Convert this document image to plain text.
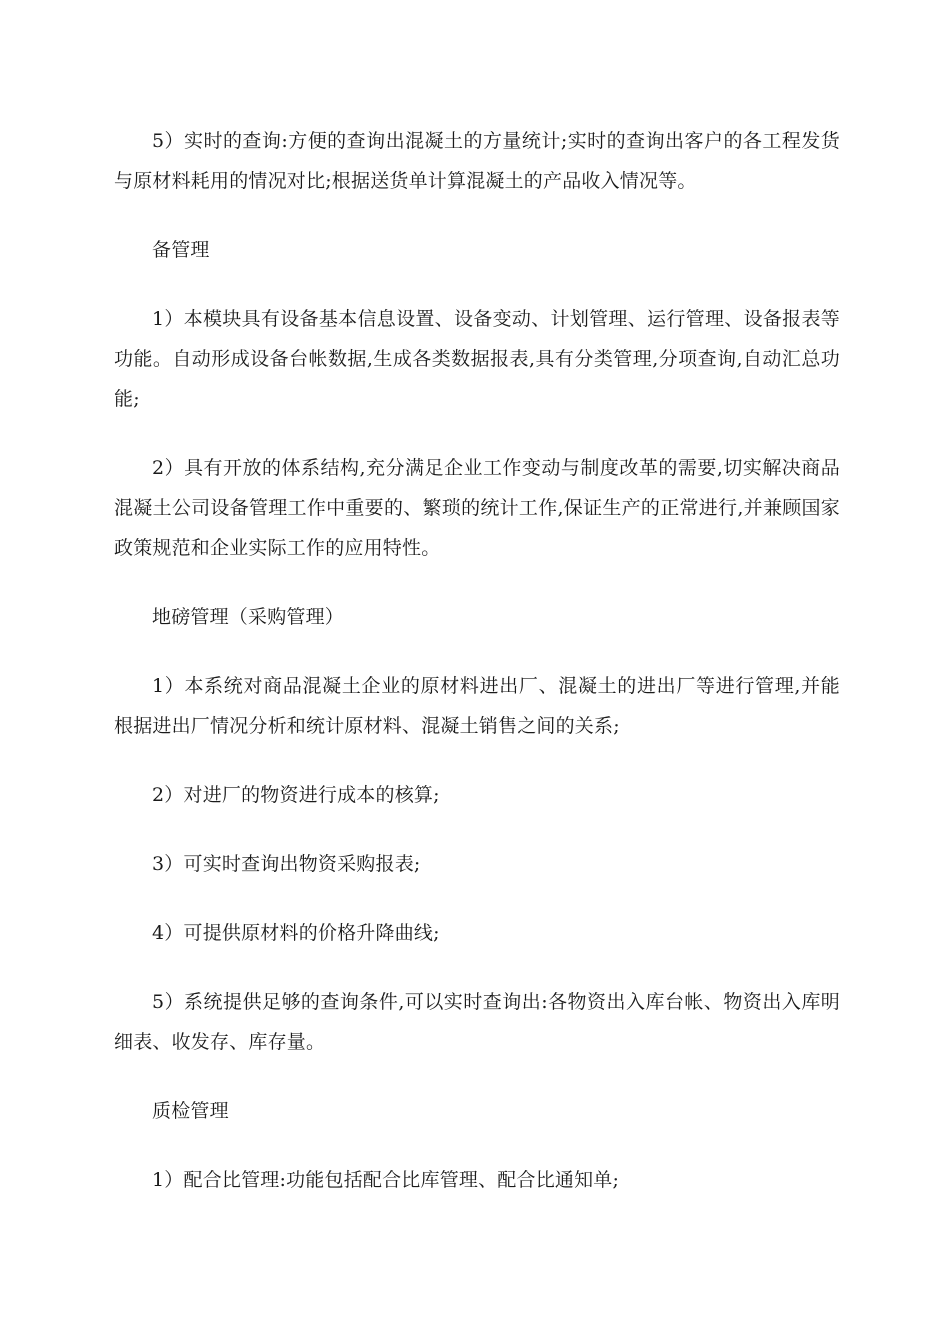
5）实时的查询:方便的查询出混凝土的方量统计;实时的查询出客户的各工程发货与原材料耗用的情况对比;根据送货单计算混凝土的产品收入情况等。

备管理

1）本模块具有设备基本信息设置、设备变动、计划管理、运行管理、设备报表等功能。自动形成设备台帐数据,生成各类数据报表,具有分类管理,分项查询,自动汇总功能;

2）具有开放的体系结构,充分满足企业工作变动与制度改革的需要,切实解决商品混凝土公司设备管理工作中重要的、繁琐的统计工作,保证生产的正常进行,并兼顾国家政策规范和企业实际工作的应用特性。

地磅管理（采购管理）

1）本系统对商品混凝土企业的原材料进出厂、混凝土的进出厂等进行管理,并能根据进出厂情况分析和统计原材料、混凝土销售之间的关系;

2）对进厂的物资进行成本的核算;

3）可实时查询出物资采购报表;

4）可提供原材料的价格升降曲线;

5）系统提供足够的查询条件,可以实时查询出:各物资出入库台帐、物资出入库明细表、收发存、库存量。

质检管理

1）配合比管理:功能包括配合比库管理、配合比通知单;
